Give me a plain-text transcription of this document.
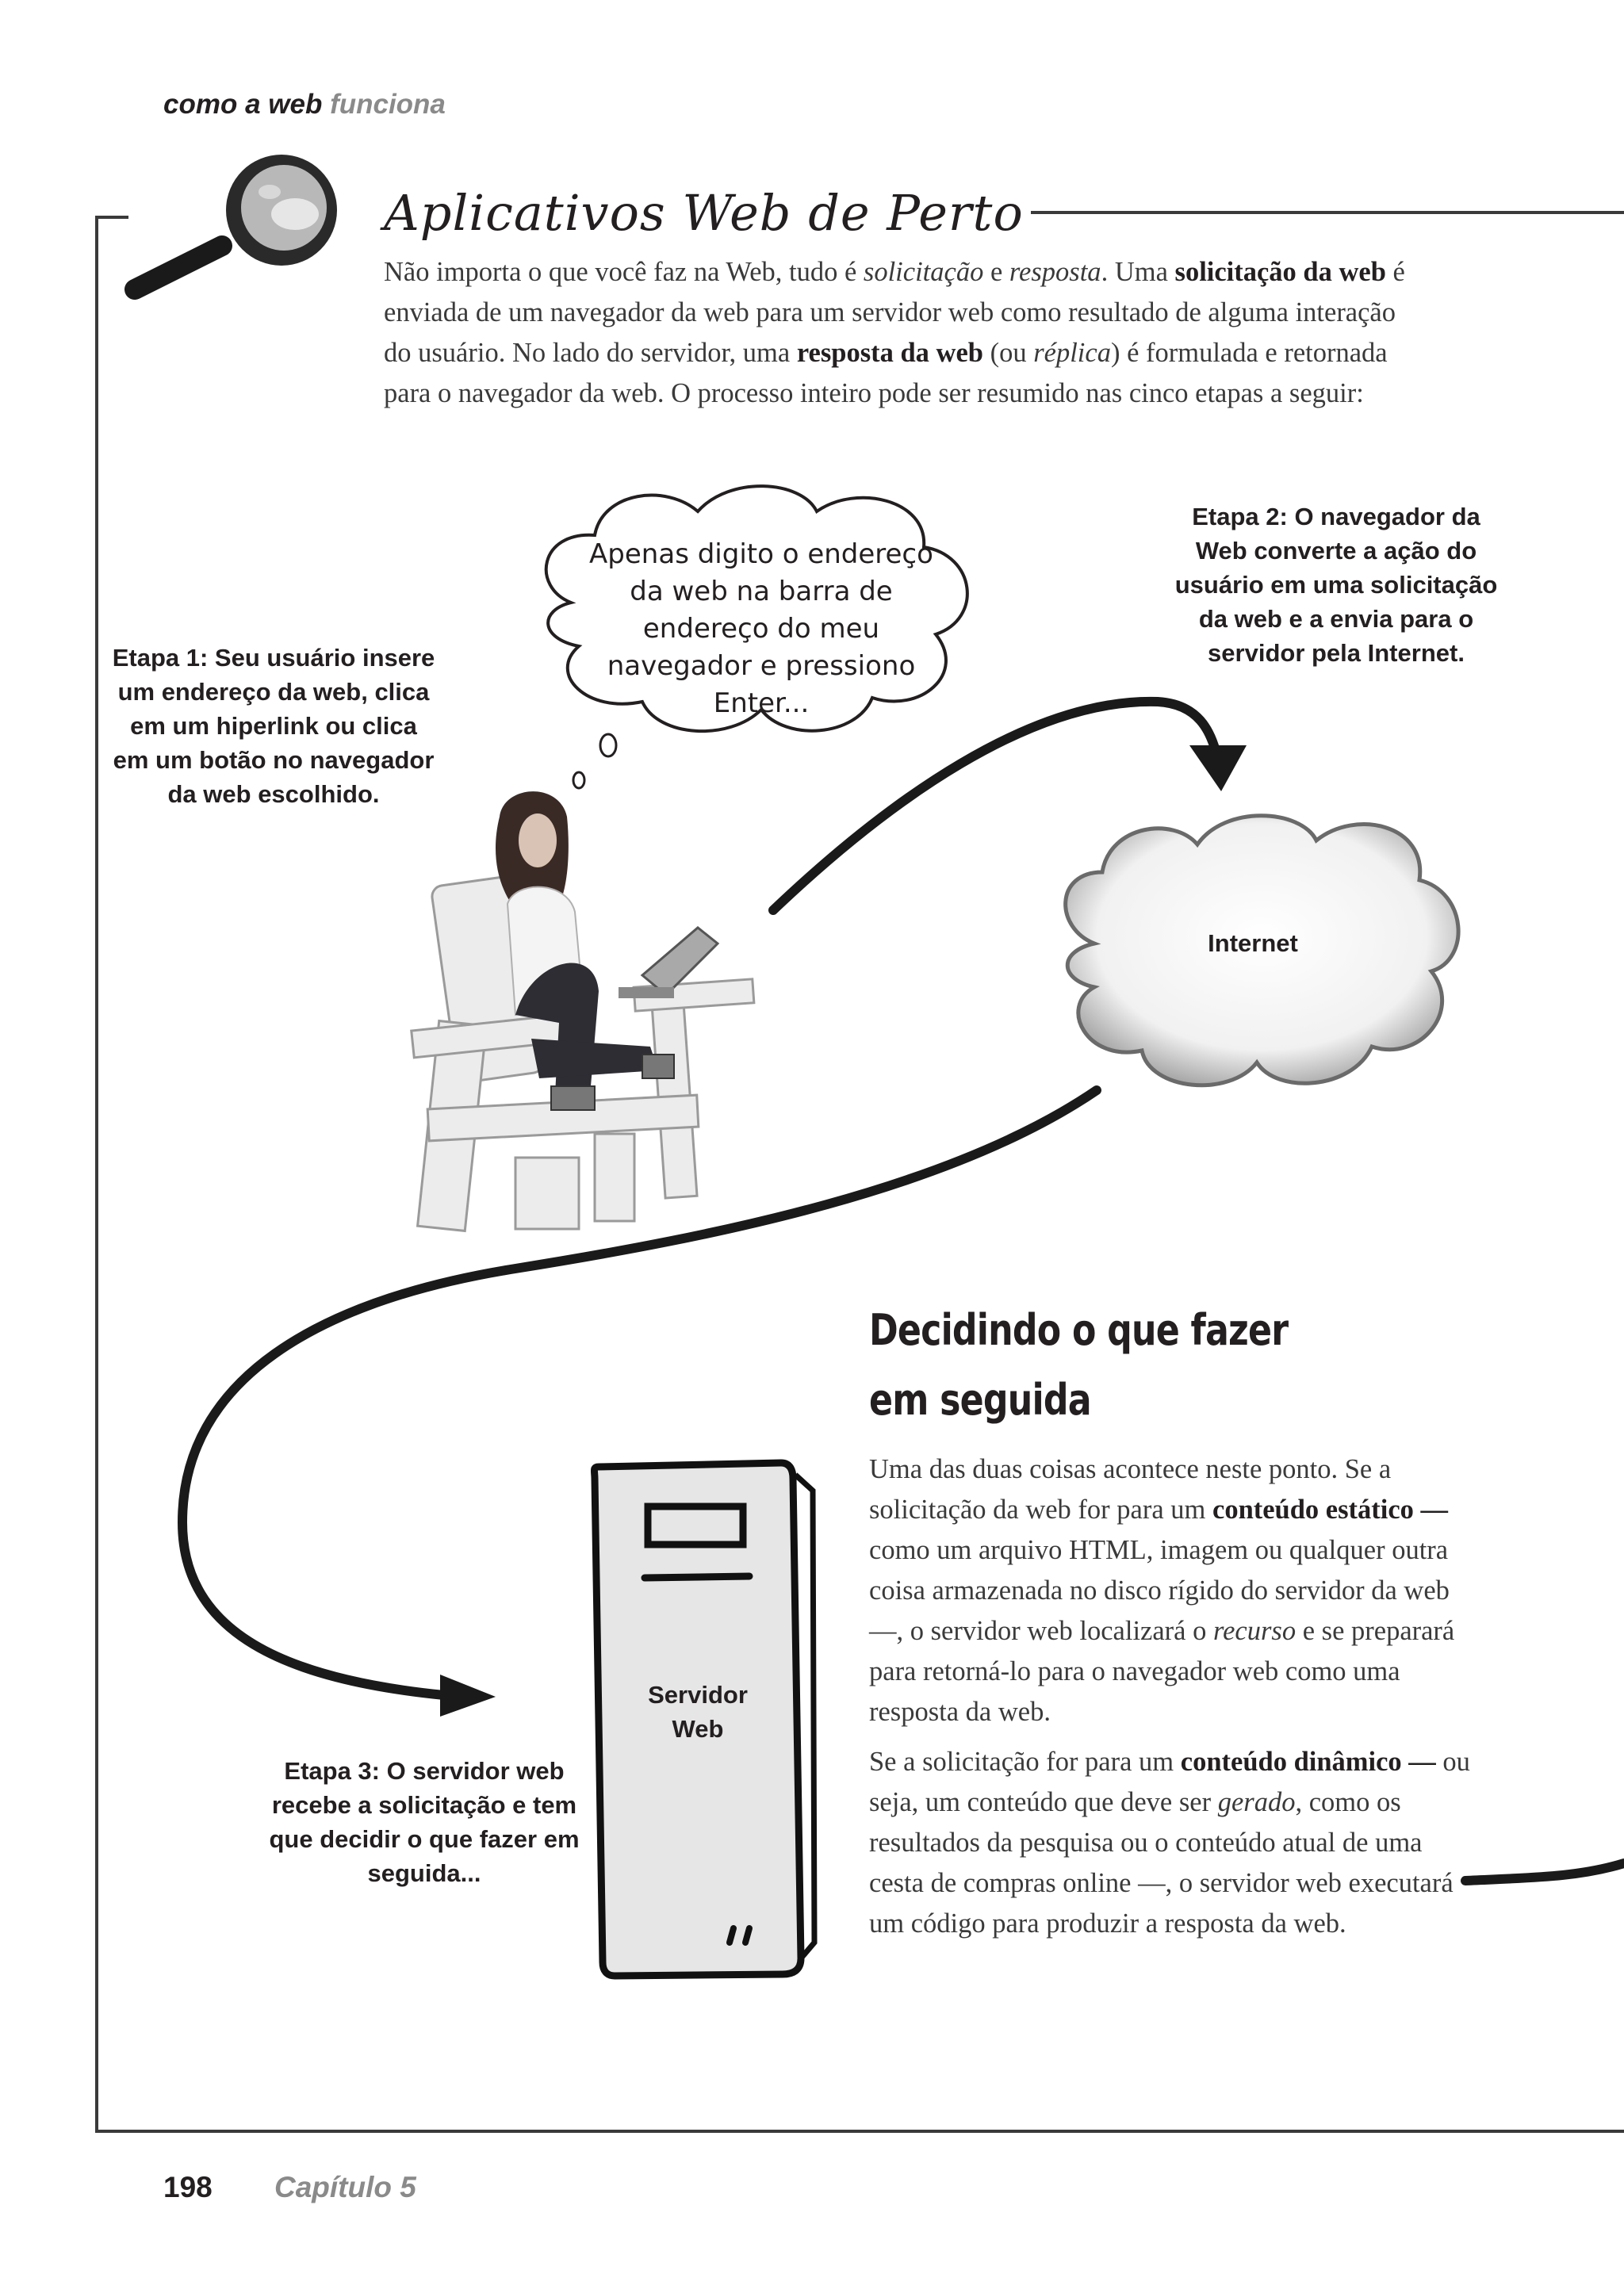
como a web funciona
Aplicativos Web de Perto
Não importa o que você faz na Web, tudo é solicitação e resposta. Uma solicitação da web é enviada de um navegador da web para um servidor web como resultado de alguma interação do usuário. No lado do servidor, uma resposta da web (ou réplica) é formulada e retornada para o navegador da web. O processo inteiro pode ser resumido nas cinco etapas a seguir:
Apenas digito o endereço da web na barra de endereço do meu navegador e pressiono Enter...
Etapa 1: Seu usuário insere um endereço da web, clica em um hiperlink ou clica em um botão no navegador da web escolhido.
Etapa 2: O navegador da Web converte a ação do usuário em uma solicitação da web e a envia para o servidor pela Internet.
Etapa 3: O servidor web recebe a solicitação e tem que decidir o que fazer em seguida...
Internet
Servidor Web
Decidindo o que fazer em seguida

Uma das duas coisas acontece neste ponto. Se a solicitação da web for para um conteúdo estático — como um arquivo HTML, imagem ou qualquer outra coisa armazenada no disco rígido do servidor da web —, o servidor web localizará o recurso e se preparará para retorná-lo para o navegador web como uma resposta da web.

Se a solicitação for para um conteúdo dinâmico — ou seja, um conteúdo que deve ser gerado, como os resultados da pesquisa ou o conteúdo atual de uma cesta de compras online —, o servidor web executará um código para produzir a resposta da web.

198 Capítulo 5
